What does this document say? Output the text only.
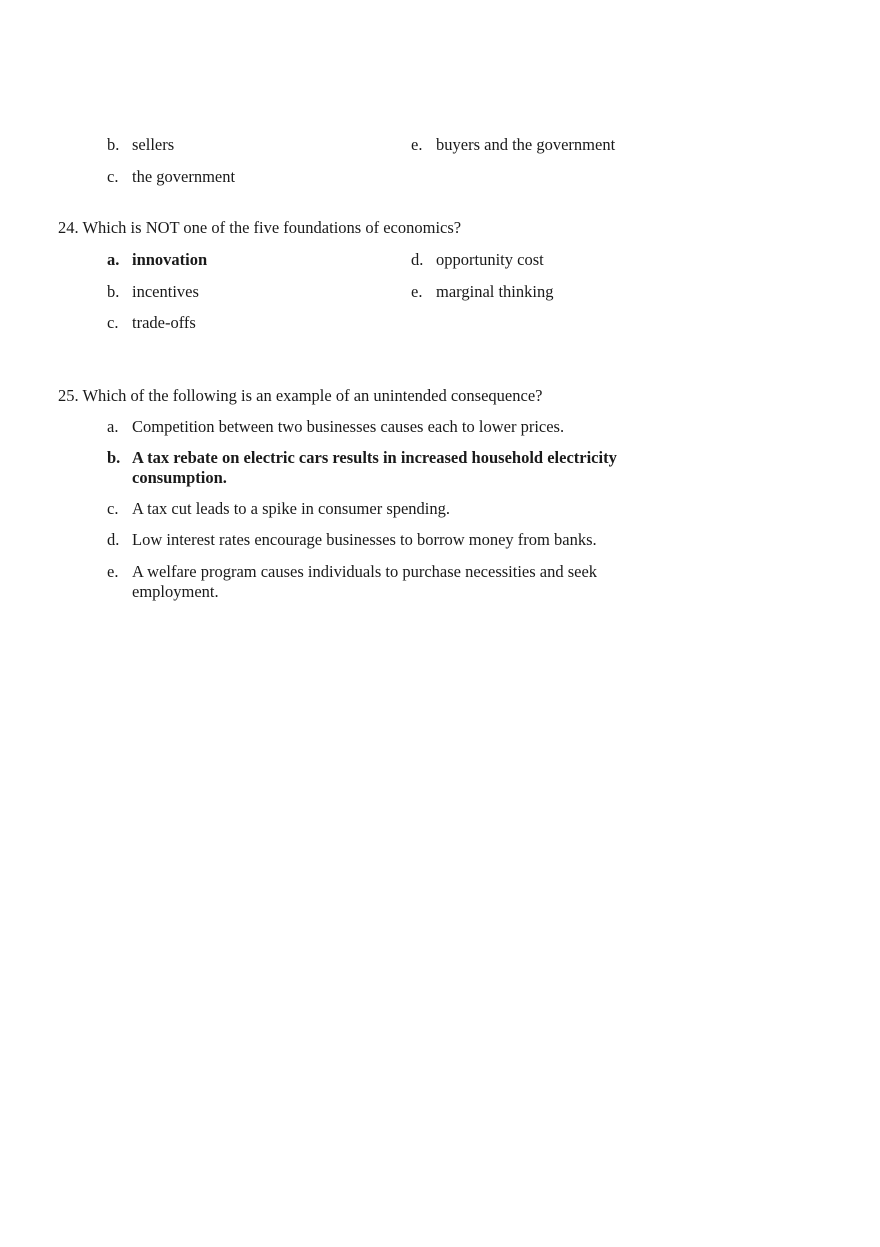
b. sellers	e. buyers and the government
c. the government
24. Which is NOT one of the five foundations of economics?
a. innovation	d. opportunity cost
b. incentives	e. marginal thinking
c. trade-offs
25. Which of the following is an example of an unintended consequence?
a. Competition between two businesses causes each to lower prices.
b. A tax rebate on electric cars results in increased household electricity consumption.
c. A tax cut leads to a spike in consumer spending.
d. Low interest rates encourage businesses to borrow money from banks.
e. A welfare program causes individuals to purchase necessities and seek employment.
